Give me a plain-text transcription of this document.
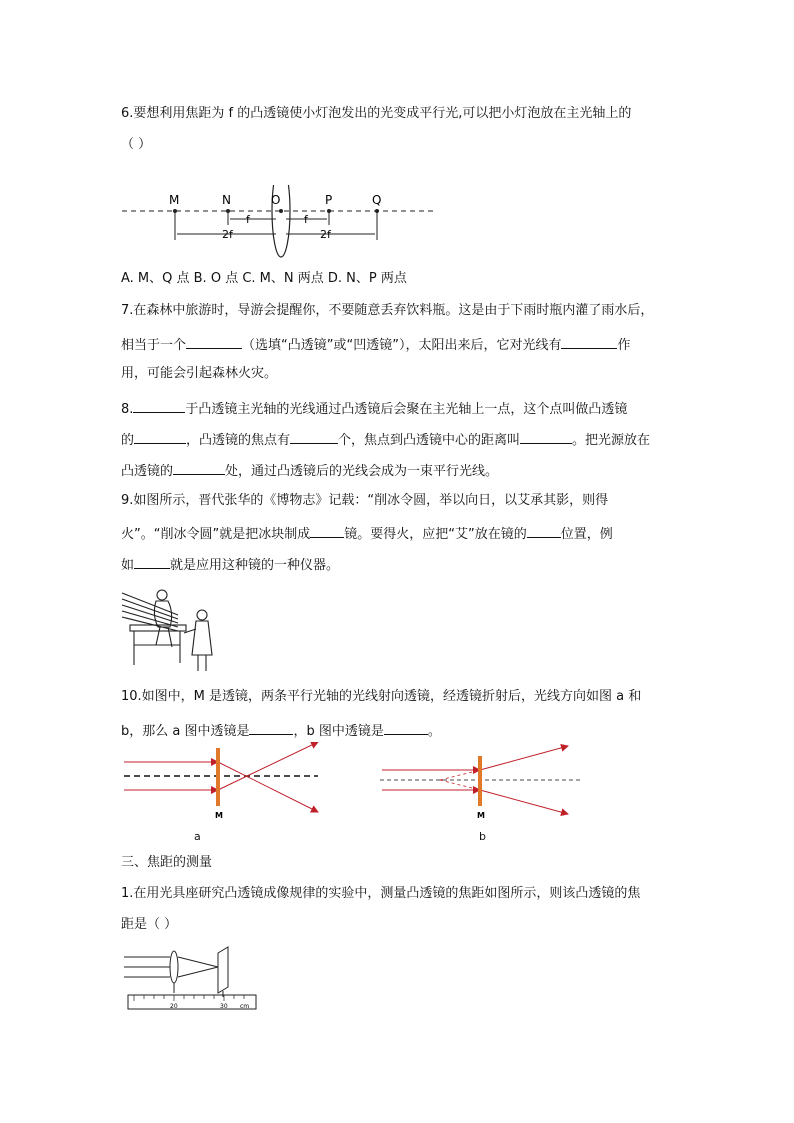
6.要想利用焦距为 f 的凸透镜使小灯泡发出的光变成平行光,可以把小灯泡放在主光轴上的
（ ）
M	N	O	P	Q
f	f
2f	2f
A. M、Q 点 B. O 点 C. M、N 两点 D. N、P 两点
7.在森林中旅游时，导游会提醒你，不要随意丢弃饮料瓶。这是由于下雨时瓶内灌了雨水后，
相当于一个	（选填“凸透镜”或“凹透镜”），太阳出来后，它对光线有	作
用，可能会引起森林火灾。
8.	于凸透镜主光轴的光线通过凸透镜后会聚在主光轴上一点，这个点叫做凸透镜
的	，凸透镜的焦点有	个，焦点到凸透镜中心的距离叫	。把光源放在
凸透镜的	处，通过凸透镜后的光线会成为一束平行光线。
9.如图所示，晋代张华的《博物志》记载：“削冰令圆，举以向日，以艾承其影，则得
火”。“削冰令圆”就是把冰块制成	镜。要得火，应把“艾”放在镜的	位置，例
如	就是应用这种镜的一种仪器。
10.如图中，M 是透镜，两条平行光轴的光线射向透镜，经透镜折射后，光线方向如图 a 和
b，那么 a 图中透镜是	，b 图中透镜是	。
M
a
M
b
三、焦距的测量
1.在用光具座研究凸透镜成像规律的实验中，测量凸透镜的焦距如图所示，则该凸透镜的焦
距是（ ）
20	30 cm
